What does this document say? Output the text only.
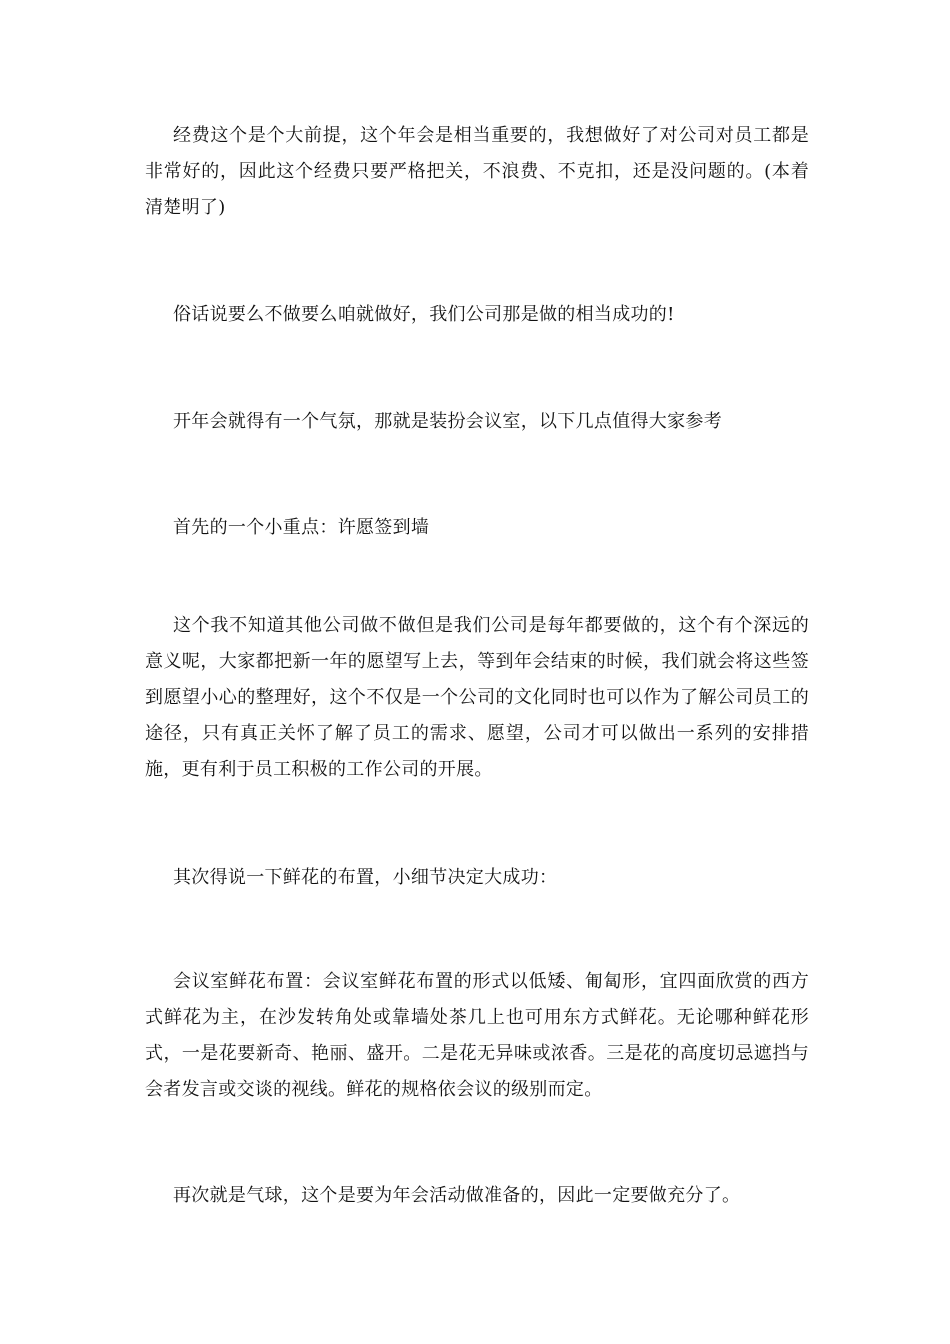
经费这个是个大前提，这个年会是相当重要的，我想做好了对公司对员工都是非常好的，因此这个经费只要严格把关，不浪费、不克扣，还是没问题的。(本着清楚明了)

俗话说要么不做要么咱就做好，我们公司那是做的相当成功的!

开年会就得有一个气氛，那就是装扮会议室，以下几点值得大家参考

首先的一个小重点：许愿签到墙

这个我不知道其他公司做不做但是我们公司是每年都要做的，这个有个深远的意义呢，大家都把新一年的愿望写上去，等到年会结束的时候，我们就会将这些签到愿望小心的整理好，这个不仅是一个公司的文化同时也可以作为了解公司员工的途径，只有真正关怀了解了员工的需求、愿望，公司才可以做出一系列的安排措施，更有利于员工积极的工作公司的开展。

其次得说一下鲜花的布置，小细节决定大成功：

会议室鲜花布置：会议室鲜花布置的形式以低矮、匍匐形，宜四面欣赏的西方式鲜花为主，在沙发转角处或靠墙处茶几上也可用东方式鲜花。无论哪种鲜花形式，一是花要新奇、艳丽、盛开。二是花无异味或浓香。三是花的高度切忌遮挡与会者发言或交谈的视线。鲜花的规格依会议的级别而定。

再次就是气球，这个是要为年会活动做准备的，因此一定要做充分了。
